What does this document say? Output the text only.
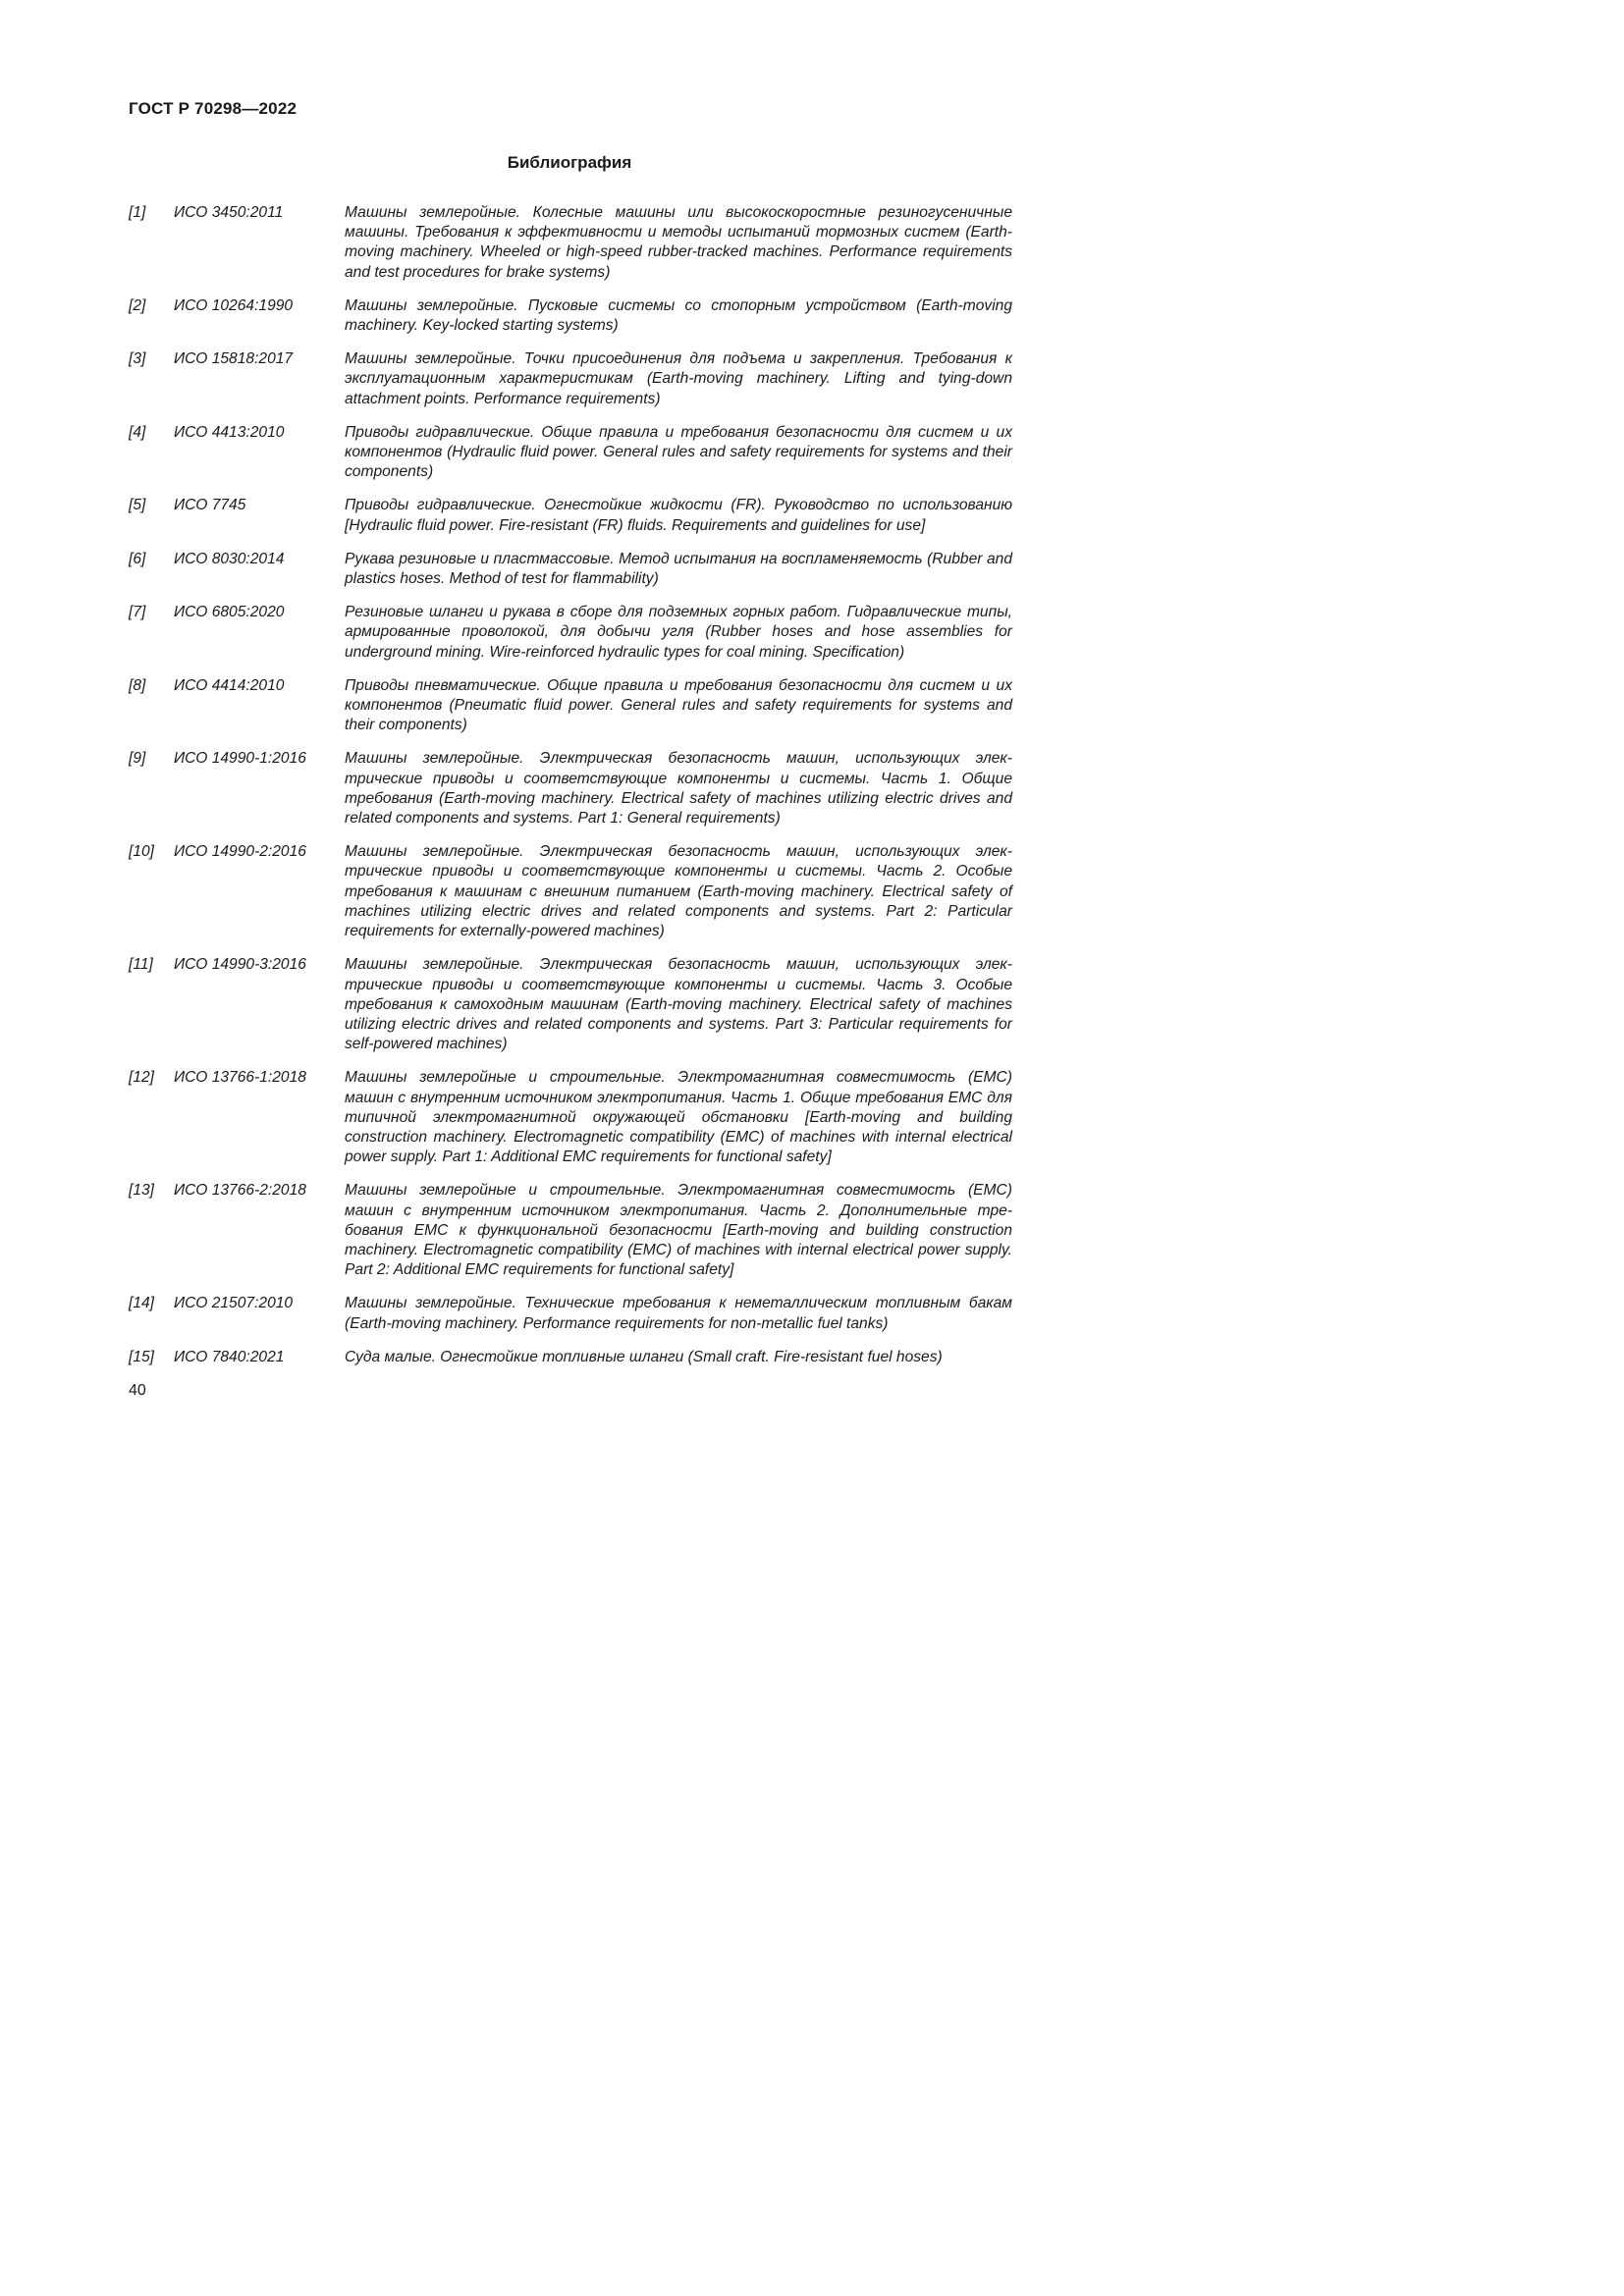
ГОСТ Р 70298—2022
Библиография
[1]	ИСО 3450:2011	Машины землеройные. Колесные машины или высокоскоростные резиногусеничные машины. Требования к эффективности и методы испытаний тормозных систем (Earth-moving machinery. Wheeled or high-speed rubber-tracked machines. Performance requirements and test procedures for brake systems)
[2]	ИСО 10264:1990	Машины землеройные. Пусковые системы со стопорным устройством (Earth-moving machinery. Key-locked starting systems)
[3]	ИСО 15818:2017	Машины землеройные. Точки присоединения для подъема и закрепления. Требования к эксплуатационным характеристикам (Earth-moving machinery. Lifting and tying-down attachment points. Performance requirements)
[4]	ИСО 4413:2010	Приводы гидравлические. Общие правила и требования безопасности для систем и их компонентов (Hydraulic fluid power. General rules and safety requirements for systems and their components)
[5]	ИСО 7745	Приводы гидравлические. Огнестойкие жидкости (FR). Руководство по использованию [Hydraulic fluid power. Fire-resistant (FR) fluids. Requirements and guidelines for use]
[6]	ИСО 8030:2014	Рукава резиновые и пластмассовые. Метод испытания на воспламеняемость (Rubber and plastics hoses. Method of test for flammability)
[7]	ИСО 6805:2020	Резиновые шланги и рукава в сборе для подземных горных работ. Гидравлические типы, армированные проволокой, для добычи угля (Rubber hoses and hose assemblies for underground mining. Wire-reinforced hydraulic types for coal mining. Specification)
[8]	ИСО 4414:2010	Приводы пневматические. Общие правила и требования безопасности для систем и их компонентов (Pneumatic fluid power. General rules and safety requirements for systems and their components)
[9]	ИСО 14990-1:2016	Машины землеройные. Электрическая безопасность машин, использующих электрические приводы и соответствующие компоненты и системы. Часть 1. Общие требования (Earth-moving machinery. Electrical safety of machines utilizing electric drives and related components and systems. Part 1: General requirements)
[10]	ИСО 14990-2:2016	Машины землеройные. Электрическая безопасность машин, использующих электрические приводы и соответствующие компоненты и системы. Часть 2. Особые требования к машинам с внешним питанием (Earth-moving machinery. Electrical safety of machines utilizing electric drives and related components and systems. Part 2: Particular requirements for externally-powered machines)
[11]	ИСО 14990-3:2016	Машины землеройные. Электрическая безопасность машин, использующих электрические приводы и соответствующие компоненты и системы. Часть 3. Особые требования к самоходным машинам (Earth-moving machinery. Electrical safety of machines utilizing electric drives and related components and systems. Part 3: Particular requirements for self-powered machines)
[12]	ИСО 13766-1:2018	Машины землеройные и строительные. Электромагнитная совместимость (ЕМС) машин с внутренним источником электропитания. Часть 1. Общие требования ЕМС для типичной электромагнитной окружающей обстановки [Earth-moving and building construction machinery. Electromagnetic compatibility (EMC) of machines with internal electrical power supply. Part 1: Additional EMC requirements for functional safety]
[13]	ИСО 13766-2:2018	Машины землеройные и строительные. Электромагнитная совместимость (ЕМС) машин с внутренним источником электропитания. Часть 2. Дополнительные требования ЕМС к функциональной безопасности [Earth-moving and building construction machinery. Electromagnetic compatibility (EMC) of machines with internal electrical power supply. Part 2: Additional EMC requirements for functional safety]
[14]	ИСО 21507:2010	Машины землеройные. Технические требования к неметаллическим топливным бакам (Earth-moving machinery. Performance requirements for non-metallic fuel tanks)
[15]	ИСО 7840:2021	Суда малые. Огнестойкие топливные шланги (Small craft. Fire-resistant fuel hoses)
40
